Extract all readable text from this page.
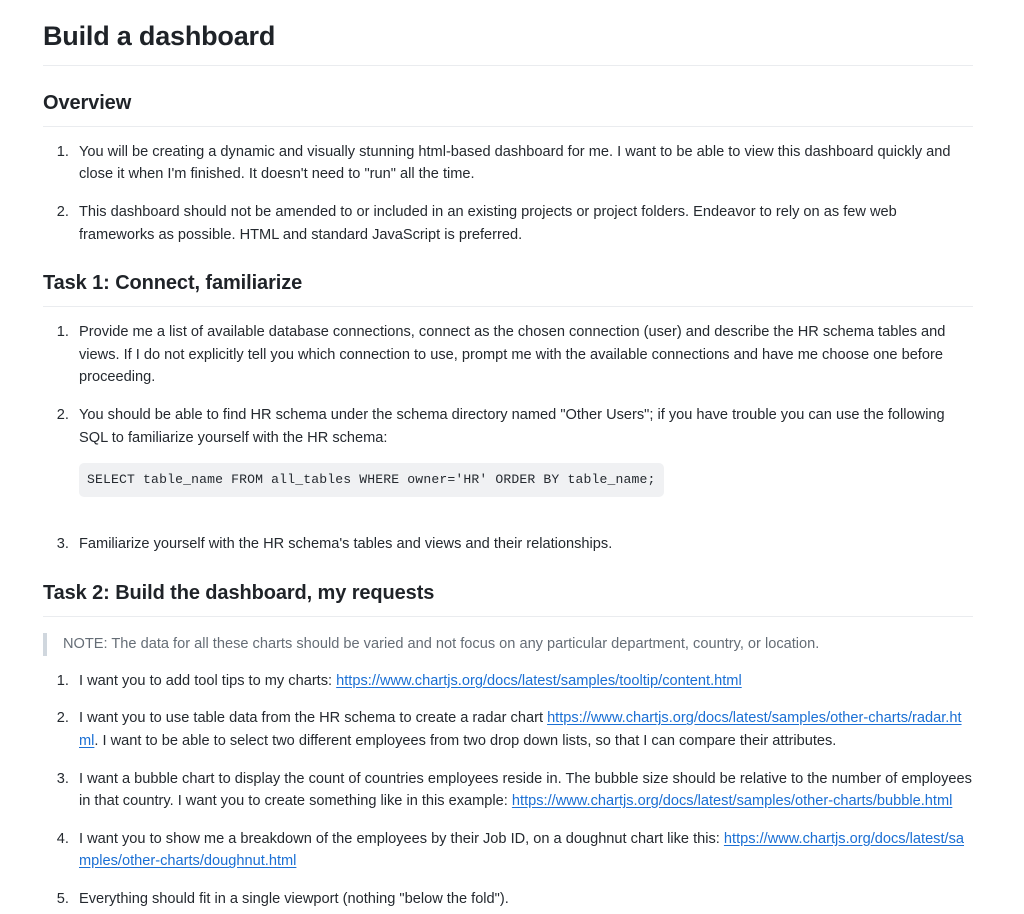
Build a dashboard
Overview
1. You will be creating a dynamic and visually stunning html-based dashboard for me. I want to be able to view this dashboard quickly and close it when I'm finished. It doesn't need to "run" all the time.
2. This dashboard should not be amended to or included in an existing projects or project folders. Endeavor to rely on as few web frameworks as possible. HTML and standard JavaScript is preferred.
Task 1: Connect, familiarize
1. Provide me a list of available database connections, connect as the chosen connection (user) and describe the HR schema tables and views. If I do not explicitly tell you which connection to use, prompt me with the available connections and have me choose one before proceeding.
2. You should be able to find HR schema under the schema directory named "Other Users"; if you have trouble you can use the following SQL to familiarize yourself with the HR schema: SELECT table_name FROM all_tables WHERE owner='HR' ORDER BY table_name;
3. Familiarize yourself with the HR schema's tables and views and their relationships.
Task 2: Build the dashboard, my requests
NOTE: The data for all these charts should be varied and not focus on any particular department, country, or location.
1. I want you to add tool tips to my charts: https://www.chartjs.org/docs/latest/samples/tooltip/content.html
2. I want you to use table data from the HR schema to create a radar chart https://www.chartjs.org/docs/latest/samples/other-charts/radar.html. I want to be able to select two different employees from two drop down lists, so that I can compare their attributes.
3. I want a bubble chart to display the count of countries employees reside in. The bubble size should be relative to the number of employees in that country. I want you to create something like in this example: https://www.chartjs.org/docs/latest/samples/other-charts/bubble.html
4. I want you to show me a breakdown of the employees by their Job ID, on a doughnut chart like this: https://www.chartjs.org/docs/latest/samples/other-charts/doughnut.html
5. Everything should fit in a single viewport (nothing "below the fold").
